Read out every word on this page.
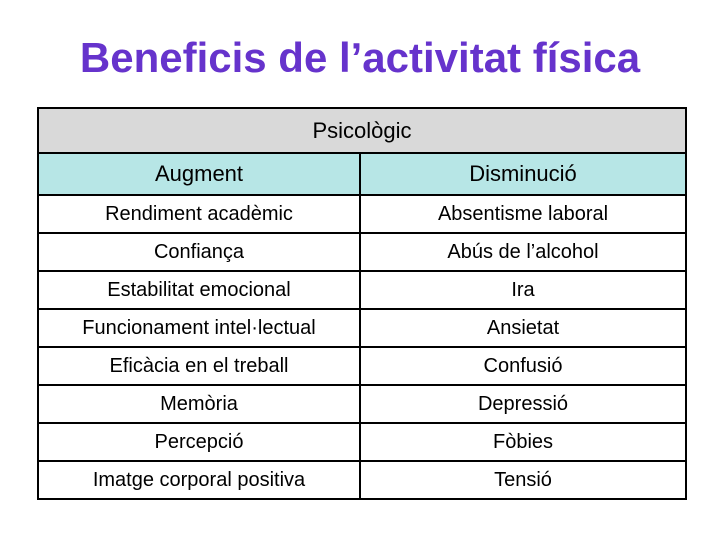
Beneficis de l’activitat física
Psicològic	
Augment	Disminució
Rendiment acadèmic	Absentisme laboral
Confiança	Abús de l’alcohol
Estabilitat emocional	Ira
Funcionament intel·lectual	Ansietat
Eficàcia en el treball	Confusió
Memòria	Depressió
Percepció	Fòbies
Imatge corporal positiva	Tensió
